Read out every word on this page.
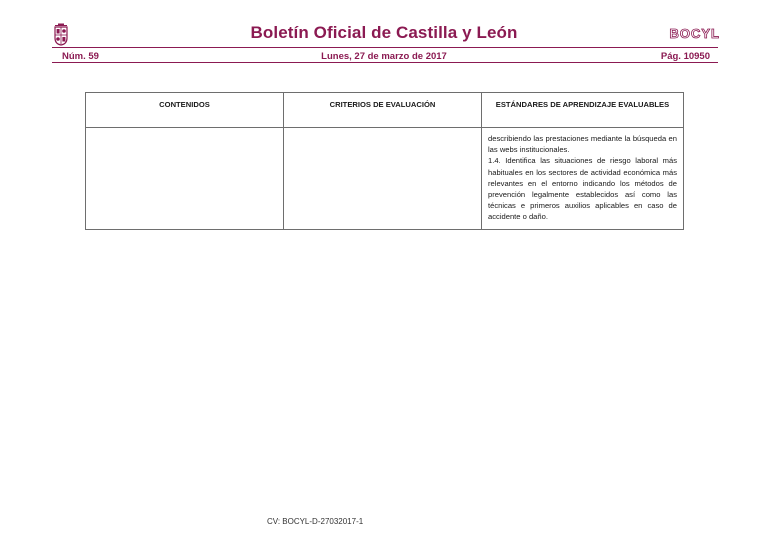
Boletín Oficial de Castilla y León	BOCYL
Núm. 59	Lunes, 27 de marzo de 2017	Pág. 10950
CONTENIDOS	CRITERIOS DE EVALUACIÓN	ESTÁNDARES DE APRENDIZAJE EVALUABLES

		describiendo las prestaciones mediante la búsqueda en las webs institucionales.

1.4. Identifica las situaciones de riesgo laboral más habituales en los sectores de actividad económica más relevantes en el entorno indicando los métodos de prevención legalmente establecidos así como las técnicas e primeros auxilios aplicables en caso de accidente o daño.

CV: BOCYL-D-27032017-1
